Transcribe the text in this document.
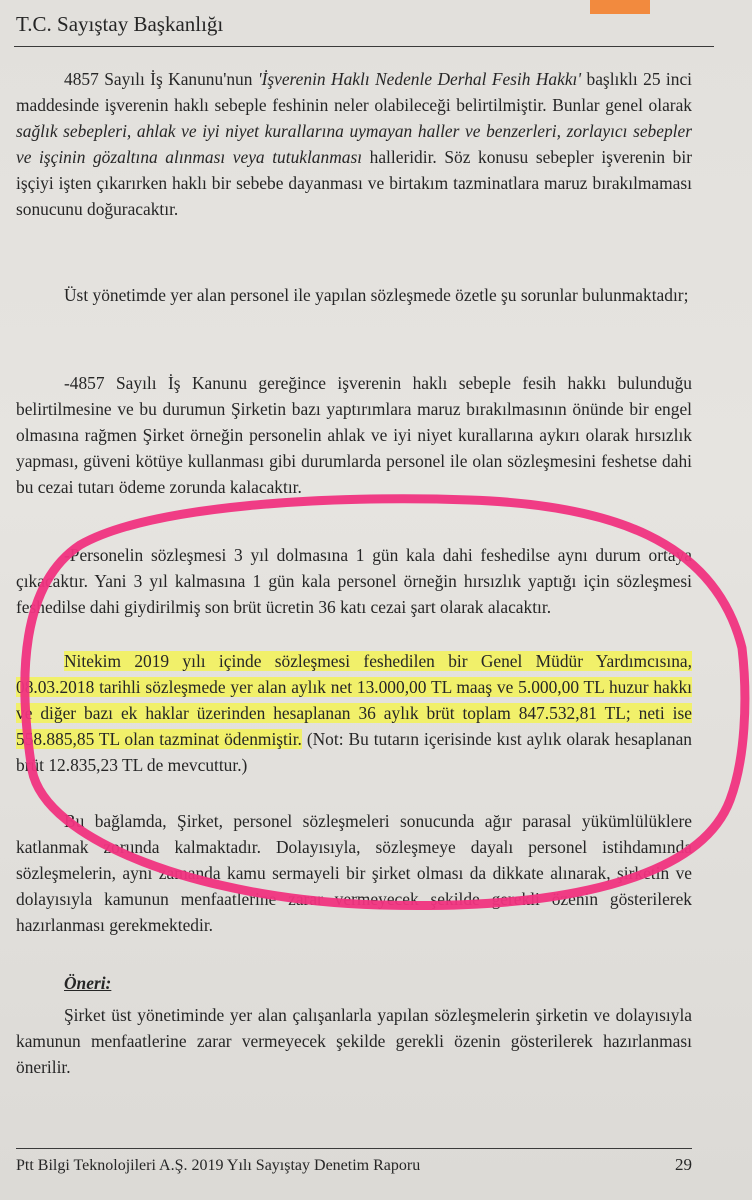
T.C. Sayıştay Başkanlığı

4857 Sayılı İş Kanunu'nun 'İşverenin Haklı Nedenle Derhal Fesih Hakkı' başlıklı 25 inci maddesinde işverenin haklı sebeple feshinin neler olabileceği belirtilmiştir. Bunlar genel olarak sağlık sebepleri, ahlak ve iyi niyet kurallarına uymayan haller ve benzerleri, zorlayıcı sebepler ve işçinin gözaltına alınması veya tutuklanması halleridir. Söz konusu sebepler işverenin bir işçiyi işten çıkarırken haklı bir sebebe dayanması ve birtakım tazminatlara maruz bırakılmaması sonucunu doğuracaktır.

Üst yönetimde yer alan personel ile yapılan sözleşmede özetle şu sorunlar bulunmaktadır;

-4857 Sayılı İş Kanunu gereğince işverenin haklı sebeple fesih hakkı bulunduğu belirtilmesine ve bu durumun Şirketin bazı yaptırımlara maruz bırakılmasının önünde bir engel olmasına rağmen Şirket örneğin personelin ahlak ve iyi niyet kurallarına aykırı olarak hırsızlık yapması, güveni kötüye kullanması gibi durumlarda personel ile olan sözleşmesini feshetse dahi bu cezai tutarı ödeme zorunda kalacaktır.

-Personelin sözleşmesi 3 yıl dolmasına 1 gün kala dahi feshedilse aynı durum ortaya çıkacaktır. Yani 3 yıl kalmasına 1 gün kala personel örneğin hırsızlık yaptığı için sözleşmesi feshedilse dahi giydirilmiş son brüt ücretin 36 katı cezai şart olarak alacaktır.

Nitekim 2019 yılı içinde sözleşmesi feshedilen bir Genel Müdür Yardımcısına, 08.03.2018 tarihli sözleşmede yer alan aylık net 13.000,00 TL maaş ve 5.000,00 TL huzur hakkı ve diğer bazı ek haklar üzerinden hesaplanan 36 aylık brüt toplam 847.532,81 TL; neti ise 558.885,85 TL olan tazminat ödenmiştir. (Not: Bu tutarın içerisinde kıst aylık olarak hesaplanan brüt 12.835,23 TL de mevcuttur.)

Bu bağlamda, Şirket, personel sözleşmeleri sonucunda ağır parasal yükümlülüklere katlanmak zorunda kalmaktadır. Dolayısıyla, sözleşmeye dayalı personel istihdamında sözleşmelerin, aynı zamanda kamu sermayeli bir şirket olması da dikkate alınarak, şirketin ve dolayısıyla kamunun menfaatlerine zarar vermeyecek şekilde gerekli özenin gösterilerek hazırlanması gerekmektedir.

Öneri:

Şirket üst yönetiminde yer alan çalışanlarla yapılan sözleşmelerin şirketin ve dolayısıyla kamunun menfaatlerine zarar vermeyecek şekilde gerekli özenin gösterilerek hazırlanması önerilir.

Ptt Bilgi Teknolojileri A.Ş. 2019 Yılı Sayıştay Denetim Raporu	29
